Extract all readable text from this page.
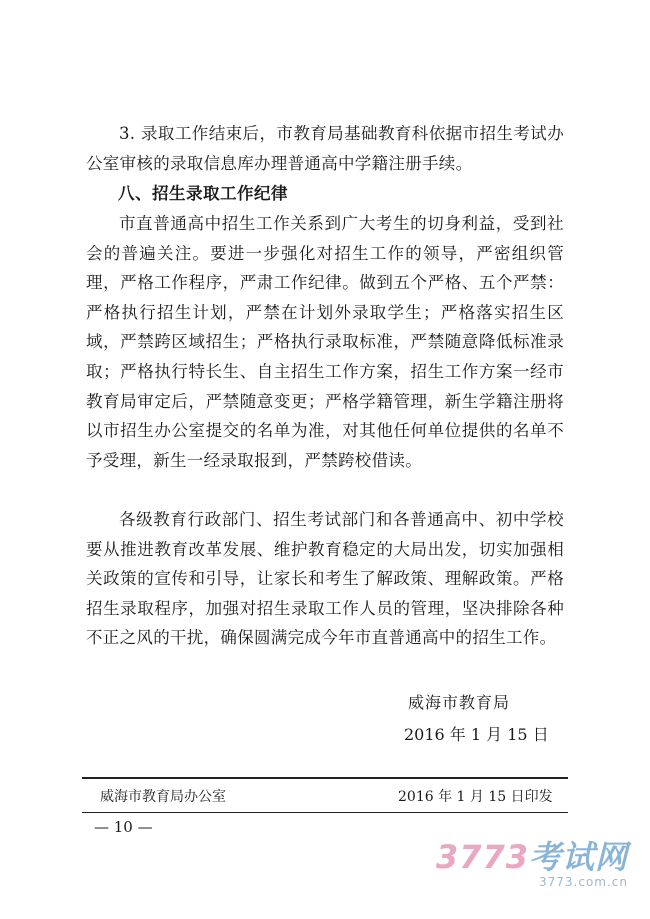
3. 录取工作结束后，市教育局基础教育科依据市招生考试办公室审核的录取信息库办理普通高中学籍注册手续。

八、招生录取工作纪律

市直普通高中招生工作关系到广大考生的切身利益，受到社会的普遍关注。要进一步强化对招生工作的领导，严密组织管理，严格工作程序，严肃工作纪律。做到五个严格、五个严禁：严格执行招生计划，严禁在计划外录取学生；严格落实招生区域，严禁跨区域招生；严格执行录取标准，严禁随意降低标准录取；严格执行特长生、自主招生工作方案，招生工作方案一经市教育局审定后，严禁随意变更；严格学籍管理，新生学籍注册将以市招生办公室提交的名单为准，对其他任何单位提供的名单不予受理，新生一经录取报到，严禁跨校借读。

各级教育行政部门、招生考试部门和各普通高中、初中学校要从推进教育改革发展、维护教育稳定的大局出发，切实加强相关政策的宣传和引导，让家长和考生了解政策、理解政策。严格招生录取程序，加强对招生录取工作人员的管理，坚决排除各种不正之风的干扰，确保圆满完成今年市直普通高中的招生工作。

威海市教育局
2016 年 1 月 15 日
威海市教育局办公室	2016 年 1 月 15 日印发
— 10 —
3773考试网
3773.com.cn
